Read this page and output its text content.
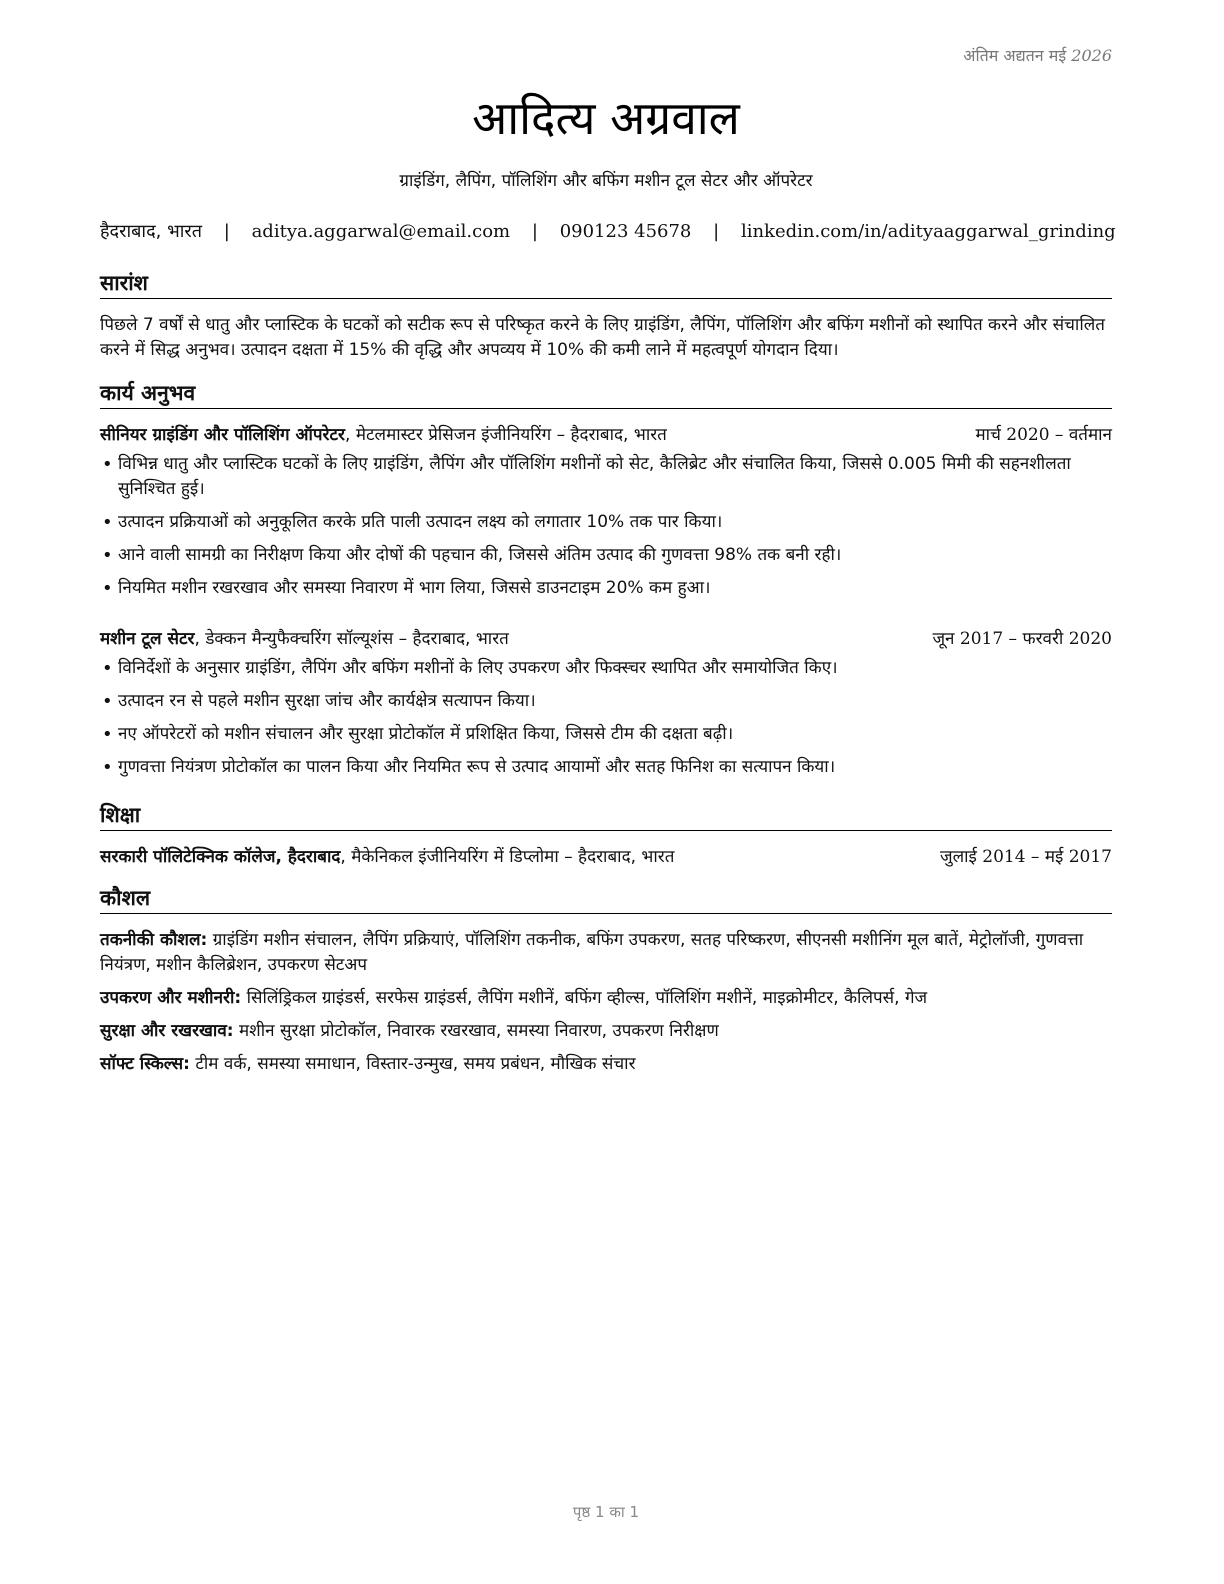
अंतिम अद्यतन मई 2026
आदित्य अग्रवाल
ग्राइंडिंग, लैपिंग, पॉलिशिंग और बफिंग मशीन टूल सेटर और ऑपरेटर
हैदराबाद, भारत | aditya.aggarwal@email.com | 090123 45678 | linkedin.com/in/adityaaggarwal_grinding
सारांश
पिछले 7 वर्षों से धातु और प्लास्टिक के घटकों को सटीक रूप से परिष्कृत करने के लिए ग्राइंडिंग, लैपिंग, पॉलिशिंग और बफिंग मशीनों को स्थापित करने और संचालित करने में सिद्ध अनुभव। उत्पादन दक्षता में 15% की वृद्धि और अपव्यय में 10% की कमी लाने में महत्वपूर्ण योगदान दिया।
कार्य अनुभव
सीनियर ग्राइंडिंग और पॉलिशिंग ऑपरेटर, मेटलमास्टर प्रेसिजन इंजीनियरिंग – हैदराबाद, भारत	मार्च 2020 – वर्तमान
• विभिन्न धातु और प्लास्टिक घटकों के लिए ग्राइंडिंग, लैपिंग और पॉलिशिंग मशीनों को सेट, कैलिब्रेट और संचालित किया, जिससे 0.005 मिमी की सहनशीलता सुनिश्चित हुई।
• उत्पादन प्रक्रियाओं को अनुकूलित करके प्रति पाली उत्पादन लक्ष्य को लगातार 10% तक पार किया।
• आने वाली सामग्री का निरीक्षण किया और दोषों की पहचान की, जिससे अंतिम उत्पाद की गुणवत्ता 98% तक बनी रही।
• नियमित मशीन रखरखाव और समस्या निवारण में भाग लिया, जिससे डाउनटाइम 20% कम हुआ।
मशीन टूल सेटर, डेक्कन मैन्युफैक्चरिंग सॉल्यूशंस – हैदराबाद, भारत	जून 2017 – फरवरी 2020
• विनिर्देशों के अनुसार ग्राइंडिंग, लैपिंग और बफिंग मशीनों के लिए उपकरण और फिक्स्चर स्थापित और समायोजित किए।
• उत्पादन रन से पहले मशीन सुरक्षा जांच और कार्यक्षेत्र सत्यापन किया।
• नए ऑपरेटरों को मशीन संचालन और सुरक्षा प्रोटोकॉल में प्रशिक्षित किया, जिससे टीम की दक्षता बढ़ी।
• गुणवत्ता नियंत्रण प्रोटोकॉल का पालन किया और नियमित रूप से उत्पाद आयामों और सतह फिनिश का सत्यापन किया।
शिक्षा
सरकारी पॉलिटेक्निक कॉलेज, हैदराबाद, मैकेनिकल इंजीनियरिंग में डिप्लोमा – हैदराबाद, भारत	जुलाई 2014 – मई 2017
कौशल
तकनीकी कौशल: ग्राइंडिंग मशीन संचालन, लैपिंग प्रक्रियाएं, पॉलिशिंग तकनीक, बफिंग उपकरण, सतह परिष्करण, सीएनसी मशीनिंग मूल बातें, मेट्रोलॉजी, गुणवत्ता नियंत्रण, मशीन कैलिब्रेशन, उपकरण सेटअप
उपकरण और मशीनरी: सिलिंड्रिकल ग्राइंडर्स, सरफेस ग्राइंडर्स, लैपिंग मशीनें, बफिंग व्हील्स, पॉलिशिंग मशीनें, माइक्रोमीटर, कैलिपर्स, गेज
सुरक्षा और रखरखाव: मशीन सुरक्षा प्रोटोकॉल, निवारक रखरखाव, समस्या निवारण, उपकरण निरीक्षण
सॉफ्ट स्किल्स: टीम वर्क, समस्या समाधान, विस्तार-उन्मुख, समय प्रबंधन, मौखिक संचार
पृष्ठ 1 का 1
